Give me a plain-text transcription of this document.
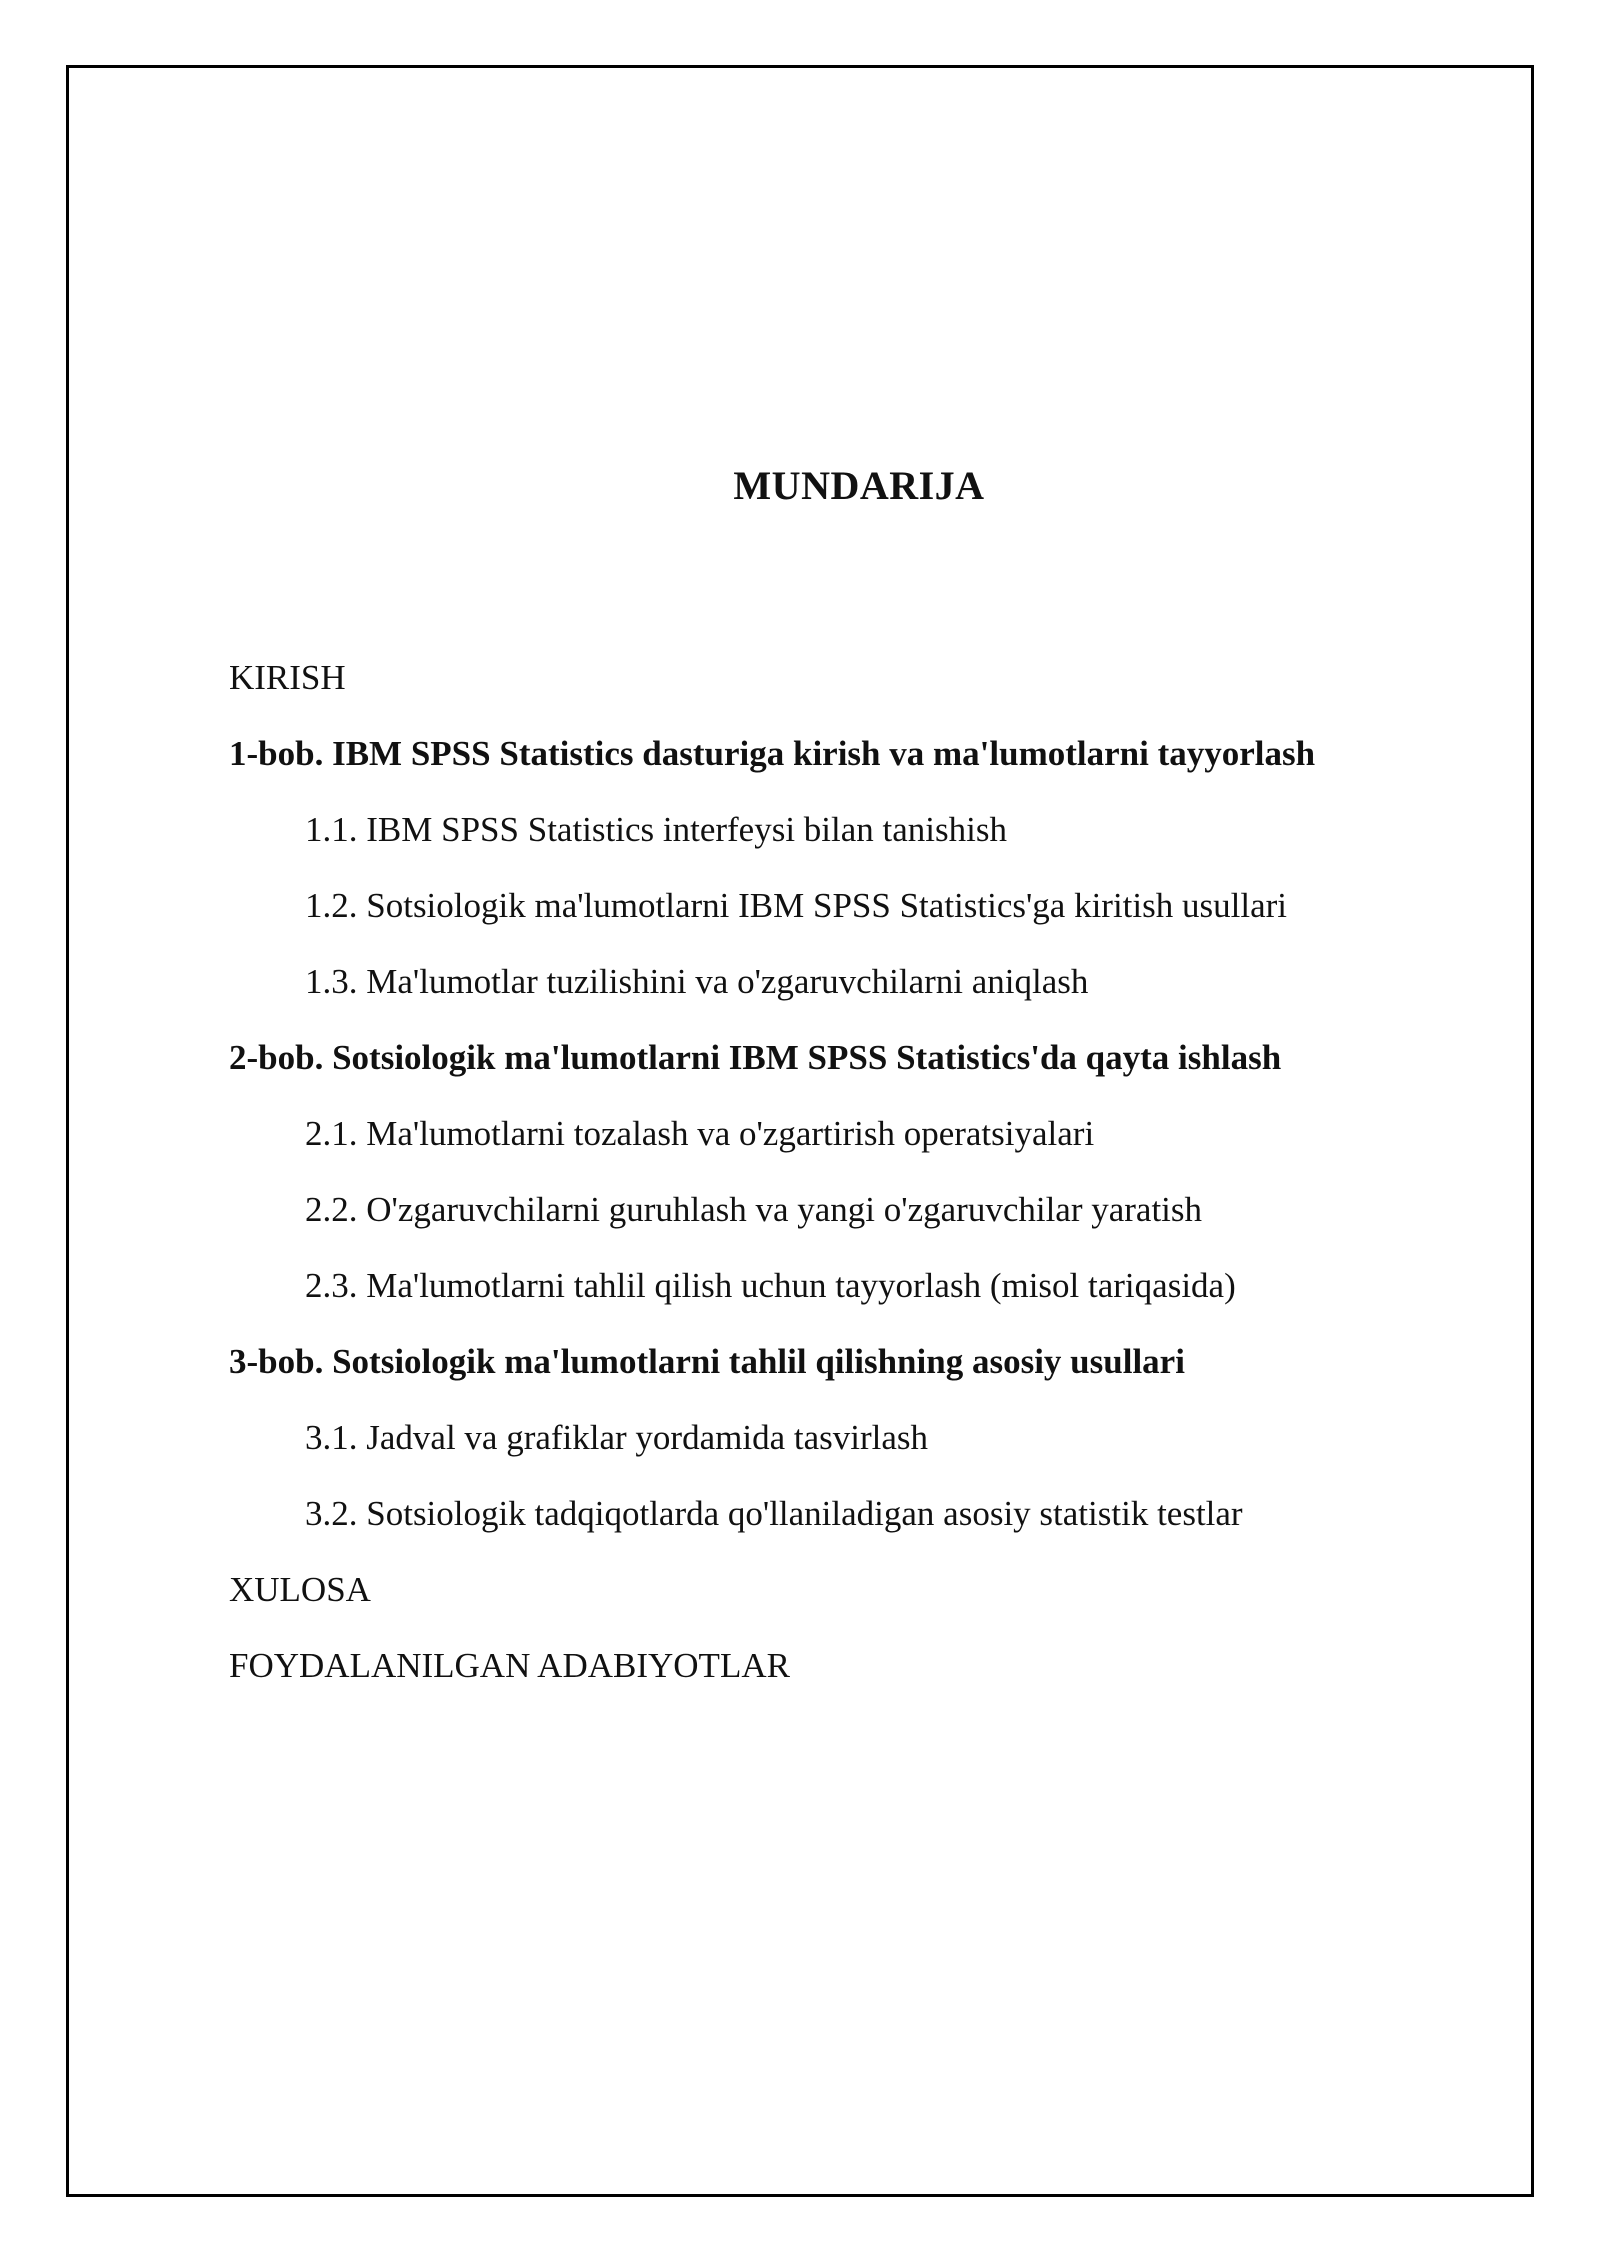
MUNDARIJA
KIRISH
1-bob. IBM SPSS Statistics dasturiga kirish va ma'lumotlarni tayyorlash
1.1. IBM SPSS Statistics interfeysi bilan tanishish
1.2. Sotsiologik ma'lumotlarni IBM SPSS Statistics'ga kiritish usullari
1.3. Ma'lumotlar tuzilishini va o'zgaruvchilarni aniqlash
2-bob. Sotsiologik ma'lumotlarni IBM SPSS Statistics'da qayta ishlash
2.1. Ma'lumotlarni tozalash va o'zgartirish operatsiyalari
2.2. O'zgaruvchilarni guruhlash va yangi o'zgaruvchilar yaratish
2.3. Ma'lumotlarni tahlil qilish uchun tayyorlash (misol tariqasida)
3-bob. Sotsiologik ma'lumotlarni tahlil qilishning asosiy usullari
3.1. Jadval va grafiklar yordamida tasvirlash
3.2. Sotsiologik tadqiqotlarda qo'llaniladigan asosiy statistik testlar
XULOSA
FOYDALANILGAN ADABIYOTLAR
